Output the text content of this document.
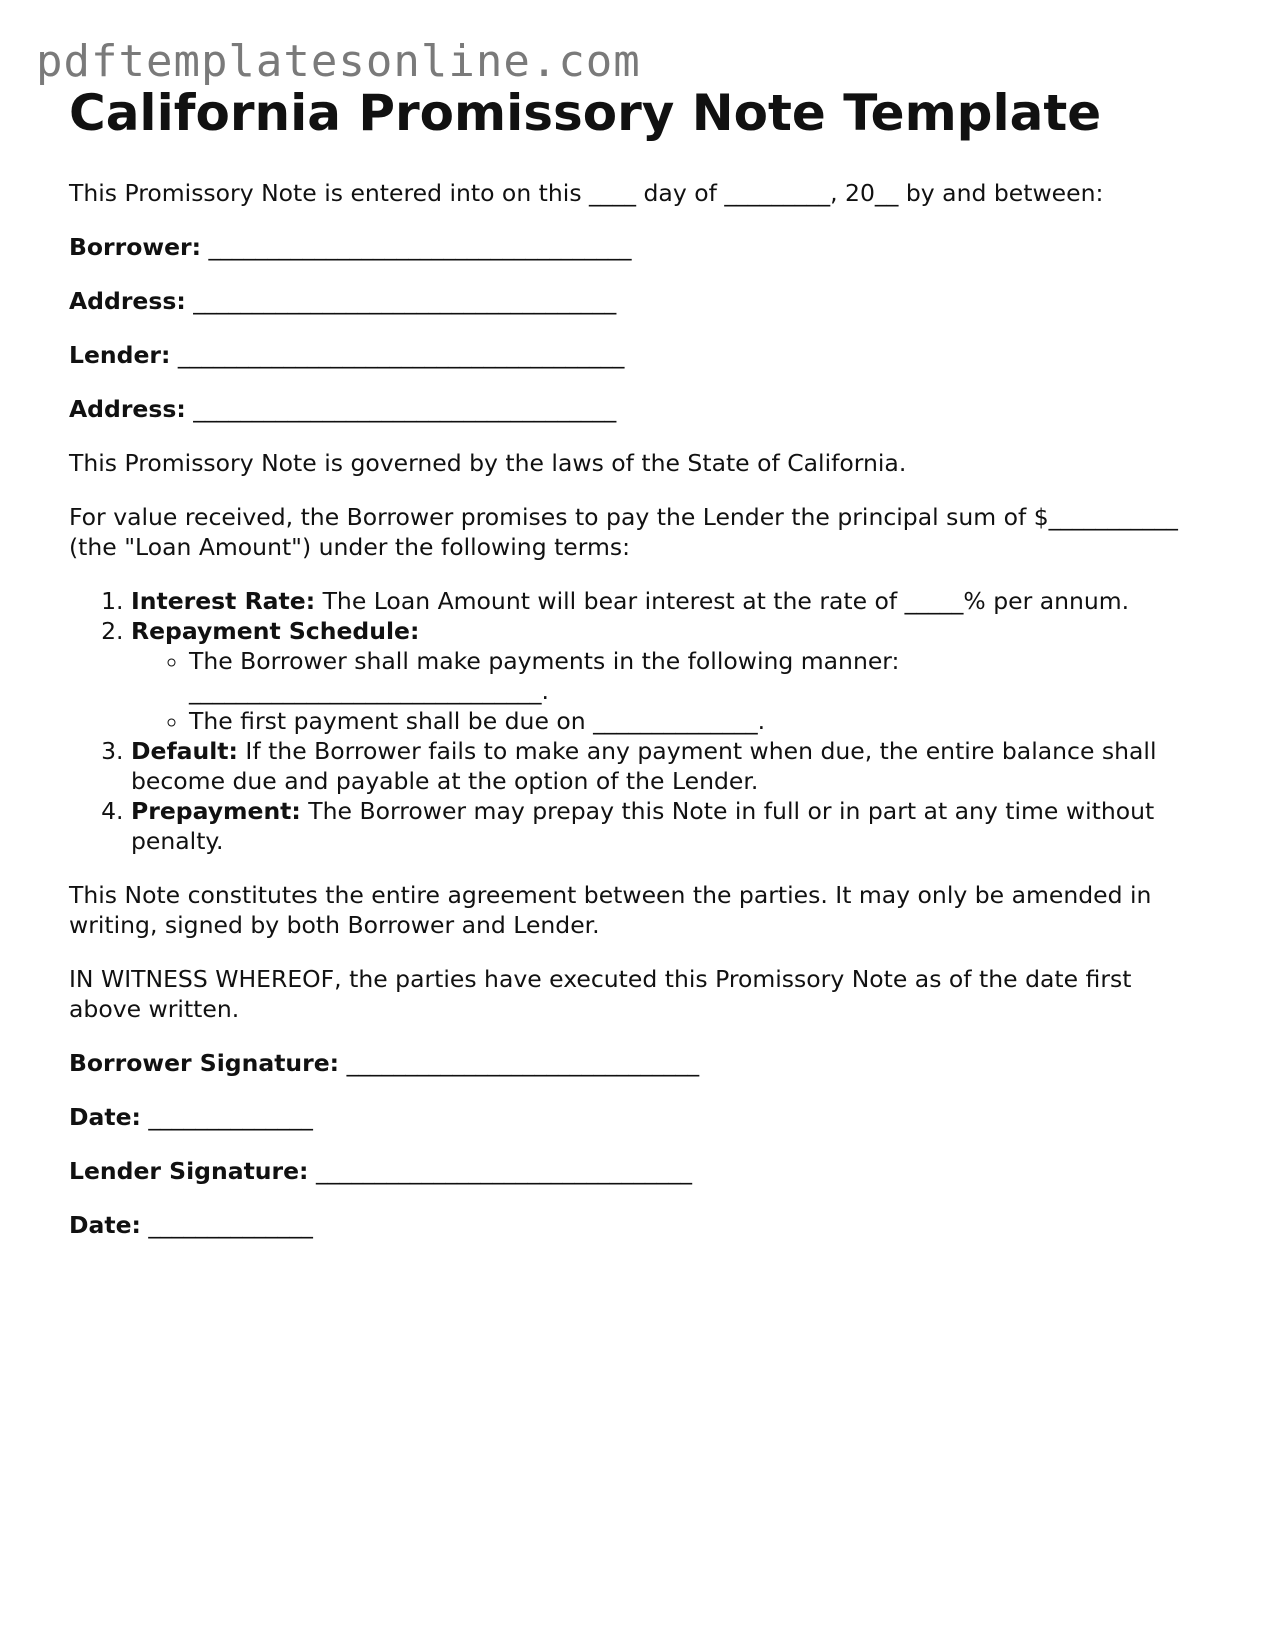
pdftemplatesonline.com
California Promissory Note Template

This Promissory Note is entered into on this ____ day of _________, 20__ by and between:

Borrower: ____________________________________

Address: ____________________________________

Lender: ______________________________________

Address: ____________________________________

This Promissory Note is governed by the laws of the State of California.

For value received, the Borrower promises to pay the Lender the principal sum of $___________ (the "Loan Amount") under the following terms:

1. Interest Rate: The Loan Amount will bear interest at the rate of _____% per annum.
2. Repayment Schedule:
◦ The Borrower shall make payments in the following manner: ______________________________.
◦ The first payment shall be due on ______________.
3. Default: If the Borrower fails to make any payment when due, the entire balance shall become due and payable at the option of the Lender.
4. Prepayment: The Borrower may prepay this Note in full or in part at any time without penalty.

This Note constitutes the entire agreement between the parties. It may only be amended in writing, signed by both Borrower and Lender.

IN WITNESS WHEREOF, the parties have executed this Promissory Note as of the date first above written.

Borrower Signature: ______________________________

Date: ______________

Lender Signature: ________________________________

Date: ______________
